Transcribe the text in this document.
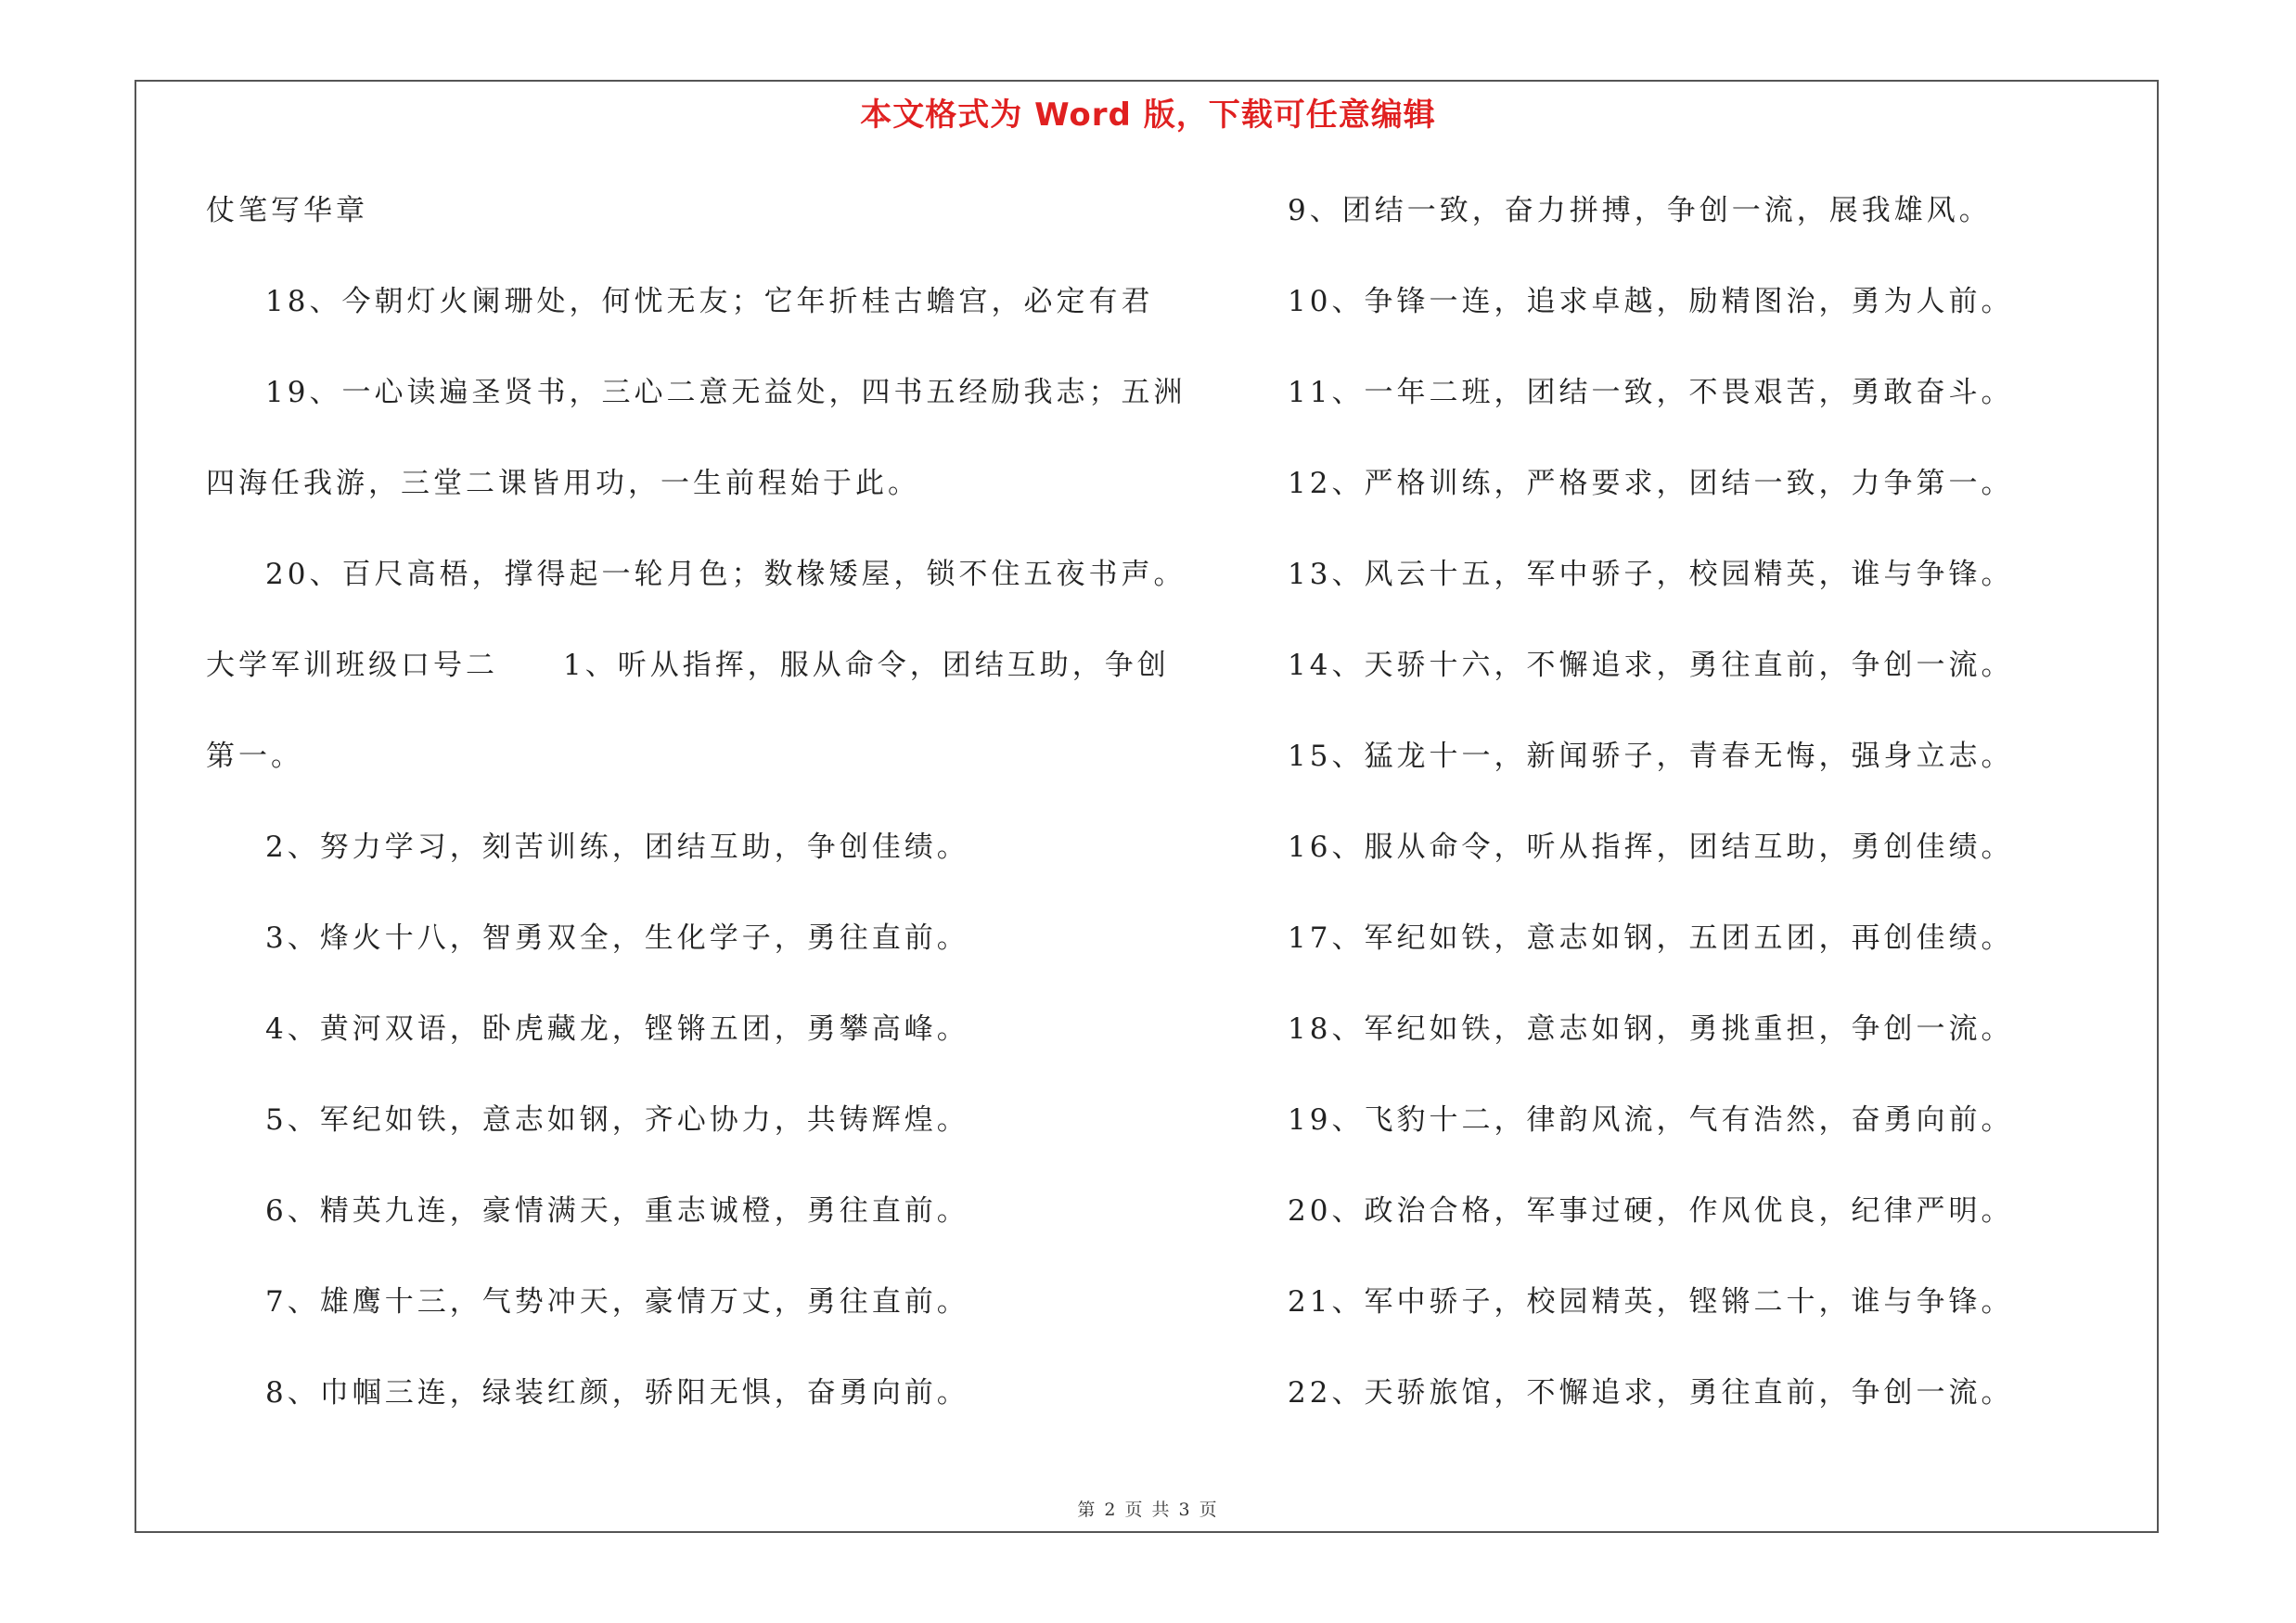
本文格式为 Word 版，下载可任意编辑
仗笔写华章
18、今朝灯火阑珊处，何忧无友；它年折桂古蟾宫，必定有君
19、一心读遍圣贤书，三心二意无益处，四书五经励我志；五洲
四海任我游，三堂二课皆用功，一生前程始于此。
20、百尺高梧，撑得起一轮月色；数椽矮屋，锁不住五夜书声。
大学军训班级口号二　　1、听从指挥，服从命令，团结互助，争创
第一。
2、努力学习，刻苦训练，团结互助，争创佳绩。
3、烽火十八，智勇双全，生化学子，勇往直前。
4、黄河双语，卧虎藏龙，铿锵五团，勇攀高峰。
5、军纪如铁，意志如钢，齐心协力，共铸辉煌。
6、精英九连，豪情满天，重志诚橙，勇往直前。
7、雄鹰十三，气势冲天，豪情万丈，勇往直前。
8、巾帼三连，绿装红颜，骄阳无惧，奋勇向前。
9、团结一致，奋力拼搏，争创一流，展我雄风。
10、争锋一连，追求卓越，励精图治，勇为人前。
11、一年二班，团结一致，不畏艰苦，勇敢奋斗。
12、严格训练，严格要求，团结一致，力争第一。
13、风云十五，军中骄子，校园精英，谁与争锋。
14、天骄十六，不懈追求，勇往直前，争创一流。
15、猛龙十一，新闻骄子，青春无悔，强身立志。
16、服从命令，听从指挥，团结互助，勇创佳绩。
17、军纪如铁，意志如钢，五团五团，再创佳绩。
18、军纪如铁，意志如钢，勇挑重担，争创一流。
19、飞豹十二，律韵风流，气有浩然，奋勇向前。
20、政治合格，军事过硬，作风优良，纪律严明。
21、军中骄子，校园精英，铿锵二十，谁与争锋。
22、天骄旅馆，不懈追求，勇往直前，争创一流。
第 2 页 共 3 页
